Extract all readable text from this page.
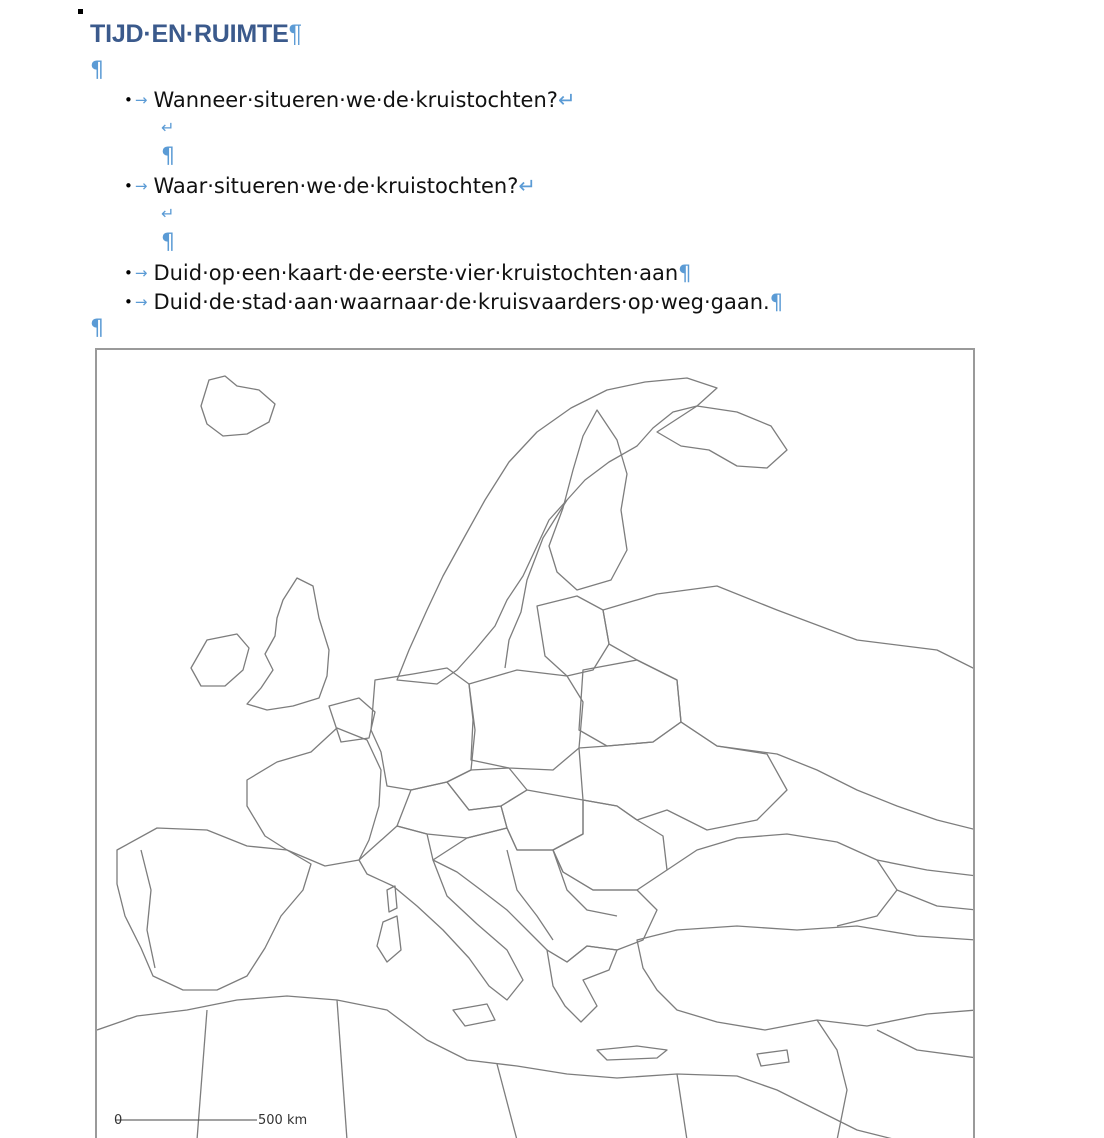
TIJD·EN·RUIMTE¶
¶
• → Wanneer·situeren·we·de·kruistochten?↵
↵
¶
• → Waar·situeren·we·de·kruistochten?↵
↵
¶
• → Duid·op·een·kaart·de·eerste·vier·kruistochten·aan¶
• → Duid·de·stad·aan·waarnaar·de·kruisvaarders·op·weg·gaan.¶
¶
0	500 km
